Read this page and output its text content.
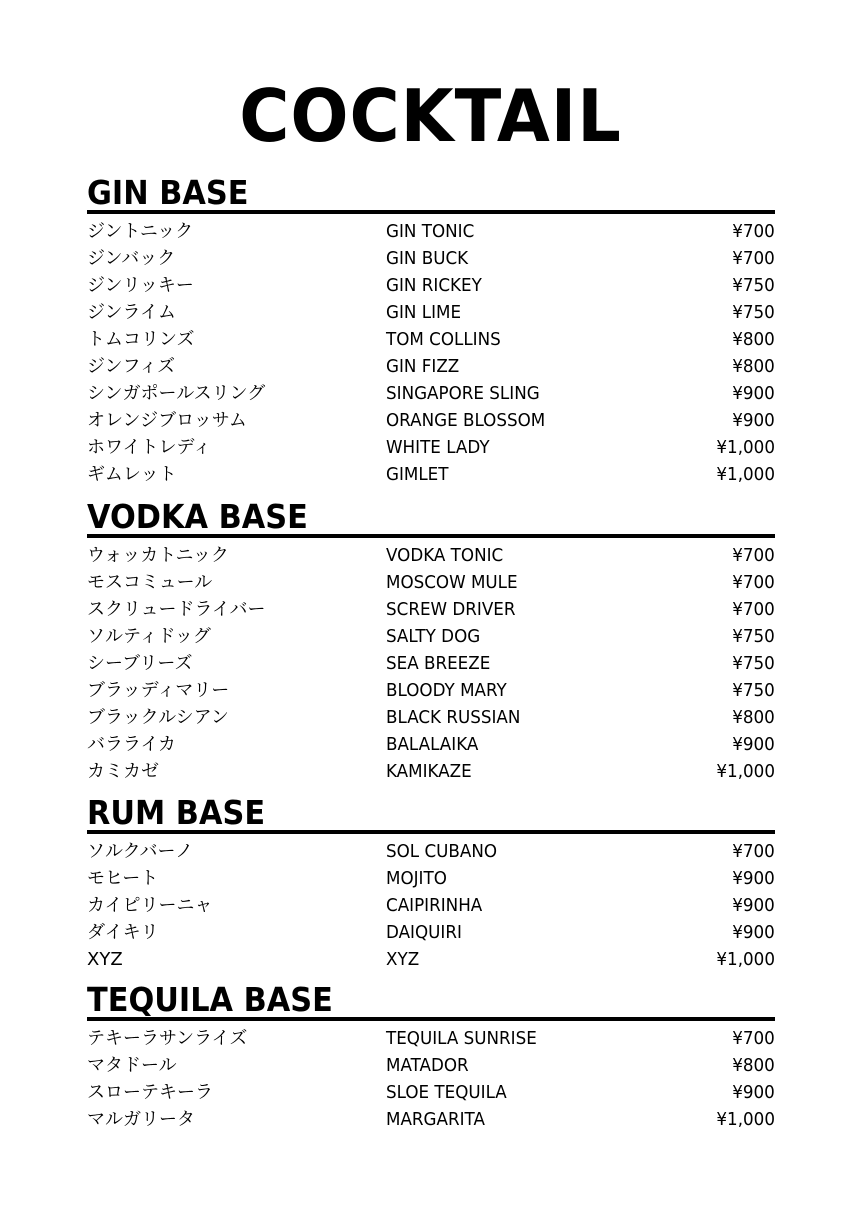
COCKTAIL
GIN BASE
ジントニック	GIN TONIC	¥700
ジンバック	GIN BUCK	¥700
ジンリッキー	GIN RICKEY	¥750
ジンライム	GIN LIME	¥750
トムコリンズ	TOM COLLINS	¥800
ジンフィズ	GIN FIZZ	¥800
シンガポールスリング	SINGAPORE SLING	¥900
オレンジブロッサム	ORANGE BLOSSOM	¥900
ホワイトレディ	WHITE LADY	¥1,000
ギムレット	GIMLET	¥1,000
VODKA BASE
ウォッカトニック	VODKA TONIC	¥700
モスコミュール	MOSCOW MULE	¥700
スクリュードライバー	SCREW DRIVER	¥700
ソルティドッグ	SALTY DOG	¥750
シーブリーズ	SEA BREEZE	¥750
ブラッディマリー	BLOODY MARY	¥750
ブラックルシアン	BLACK RUSSIAN	¥800
バラライカ	BALALAIKA	¥900
カミカゼ	KAMIKAZE	¥1,000
RUM BASE
ソルクバーノ	SOL CUBANO	¥700
モヒート	MOJITO	¥900
カイピリーニャ	CAIPIRINHA	¥900
ダイキリ	DAIQUIRI	¥900
XYZ	XYZ	¥1,000
TEQUILA BASE
テキーラサンライズ	TEQUILA SUNRISE	¥700
マタドール	MATADOR	¥800
スローテキーラ	SLOE TEQUILA	¥900
マルガリータ	MARGARITA	¥1,000
